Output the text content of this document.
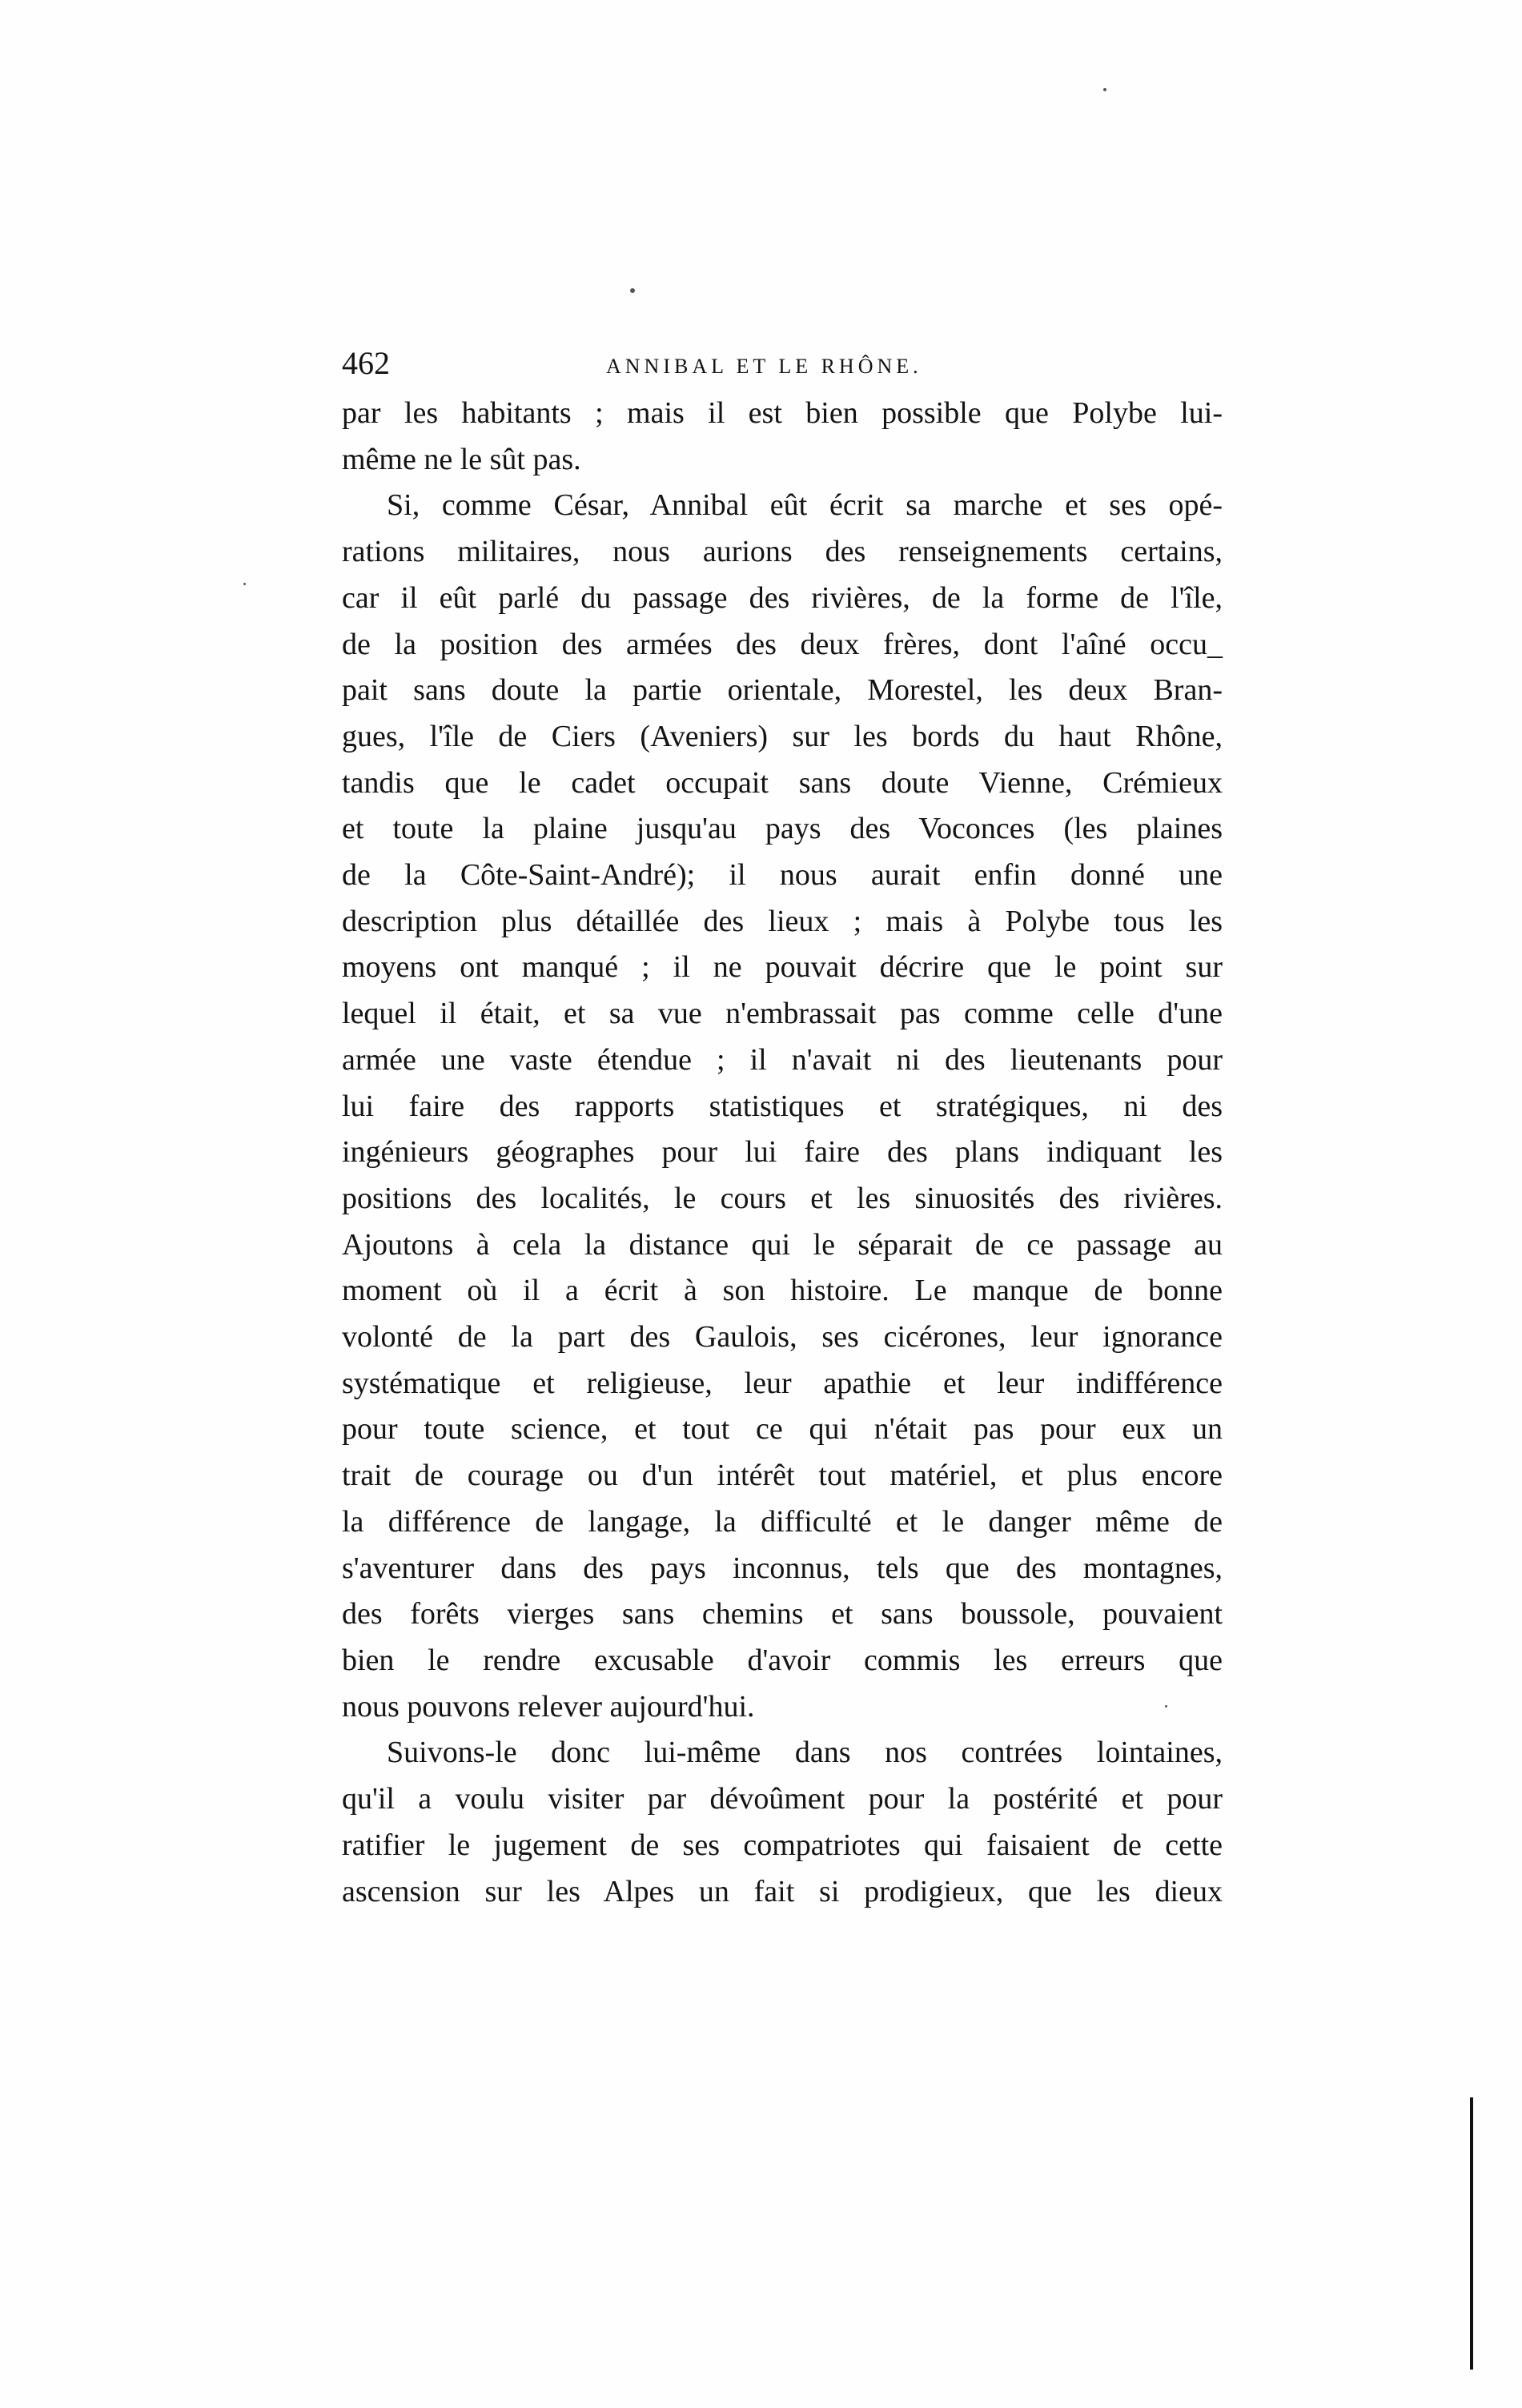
462	ANNIBAL ET LE RHÔNE.

par les habitants ; mais il est bien possible que Polybe lui-
même ne le sût pas.

Si, comme César, Annibal eût écrit sa marche et ses opé-
rations militaires, nous aurions des renseignements certains,
car il eût parlé du passage des rivières, de la forme de l'île,
de la position des armées des deux frères, dont l'aîné occu_
pait sans doute la partie orientale, Morestel, les deux Bran-
gues, l'île de Ciers (Aveniers) sur les bords du haut Rhône,
tandis que le cadet occupait sans doute Vienne, Crémieux
et toute la plaine jusqu'au pays des Voconces (les plaines
de la Côte-Saint-André); il nous aurait enfin donné une
description plus détaillée des lieux ; mais à Polybe tous les
moyens ont manqué ; il ne pouvait décrire que le point sur
lequel il était, et sa vue n'embrassait pas comme celle d'une
armée une vaste étendue ; il n'avait ni des lieutenants pour
lui faire des rapports statistiques et stratégiques, ni des
ingénieurs géographes pour lui faire des plans indiquant les
positions des localités, le cours et les sinuosités des rivières.
Ajoutons à cela la distance qui le séparait de ce passage au
moment où il a écrit à son histoire. Le manque de bonne
volonté de la part des Gaulois, ses cicérones, leur ignorance
systématique et religieuse, leur apathie et leur indifférence
pour toute science, et tout ce qui n'était pas pour eux un
trait de courage ou d'un intérêt tout matériel, et plus encore
la différence de langage, la difficulté et le danger même de
s'aventurer dans des pays inconnus, tels que des montagnes,
des forêts vierges sans chemins et sans boussole, pouvaient
bien le rendre excusable d'avoir commis les erreurs que
nous pouvons relever aujourd'hui.

Suivons-le donc lui-même dans nos contrées lointaines,
qu'il a voulu visiter par dévoûment pour la postérité et pour
ratifier le jugement de ses compatriotes qui faisaient de cette
ascension sur les Alpes un fait si prodigieux, que les dieux
